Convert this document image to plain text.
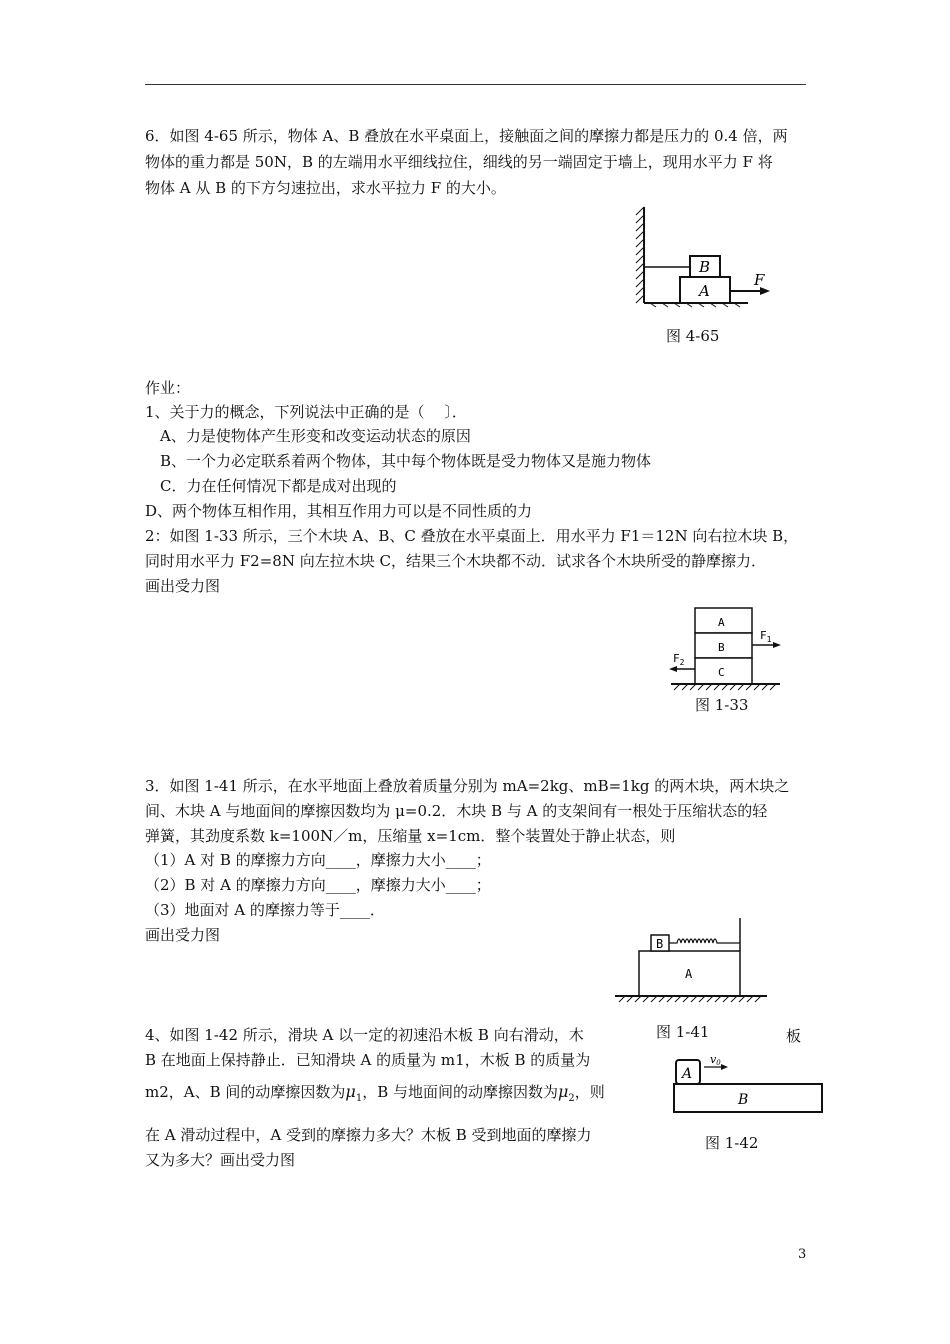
6．如图 4-65 所示，物体 A、B 叠放在水平桌面上，接触面之间的摩擦力都是压力的 0.4 倍，两
物体的重力都是 50N，B 的左端用水平细线拉住，细线的另一端固定于墙上，现用水平力 F 将
物体 A 从 B 的下方匀速拉出，求水平拉力 F 的大小。
A
B
F
图 4-65
作业：
1、关于力的概念，下列说法中正确的是（　 〕．
A、力是使物体产生形变和改变运动状态的原因
B、一个力必定联系着两个物体，其中每个物体既是受力物体又是施力物体
C．力在任何情况下都是成对出现的
D、两个物体互相作用，其相互作用力可以是不同性质的力
2：如图 1-33 所示，三个木块 A、B、C 叠放在水平桌面上．用水平力 F1＝12N 向右拉木块 B，
同时用水平力 F2=8N 向左拉木块 C，结果三个木块都不动．试求各个木块所受的静摩擦力．
画出受力图
A
B
C
$F_1$
$F_2$
图 1-33
3．如图 1-41 所示，在水平地面上叠放着质量分别为 mA=2kg、mB=1kg 的两木块，两木块之
间、木块 A 与地面间的摩擦因数均为 μ=0.2．木块 B 与 A 的支架间有一根处于压缩状态的轻
弹簧，其劲度系数 k=100N／m，压缩量 x=1cm．整个装置处于静止状态，则
（1）A 对 B 的摩擦力方向____，摩擦力大小____；
（2）B 对 A 的摩擦力方向____，摩擦力大小____；
（3）地面对 A 的摩擦力等于____．
画出受力图
A
B
4、如图 1-42 所示，滑块 A 以一定的初速沿木板 B 向右滑动，木	图 1-41	板
B 在地面上保持静止．已知滑块 A 的质量为 m1，木板 B 的质量为
m2，A、B 间的动摩擦因数为$\mu_1$，B 与地面间的动摩擦因数为$\mu_2$，则
在 A 滑动过程中，A 受到的摩擦力多大？木板 B 受到地面的摩擦力
又为多大？画出受力图
A
B
v0
图 1-42
3
